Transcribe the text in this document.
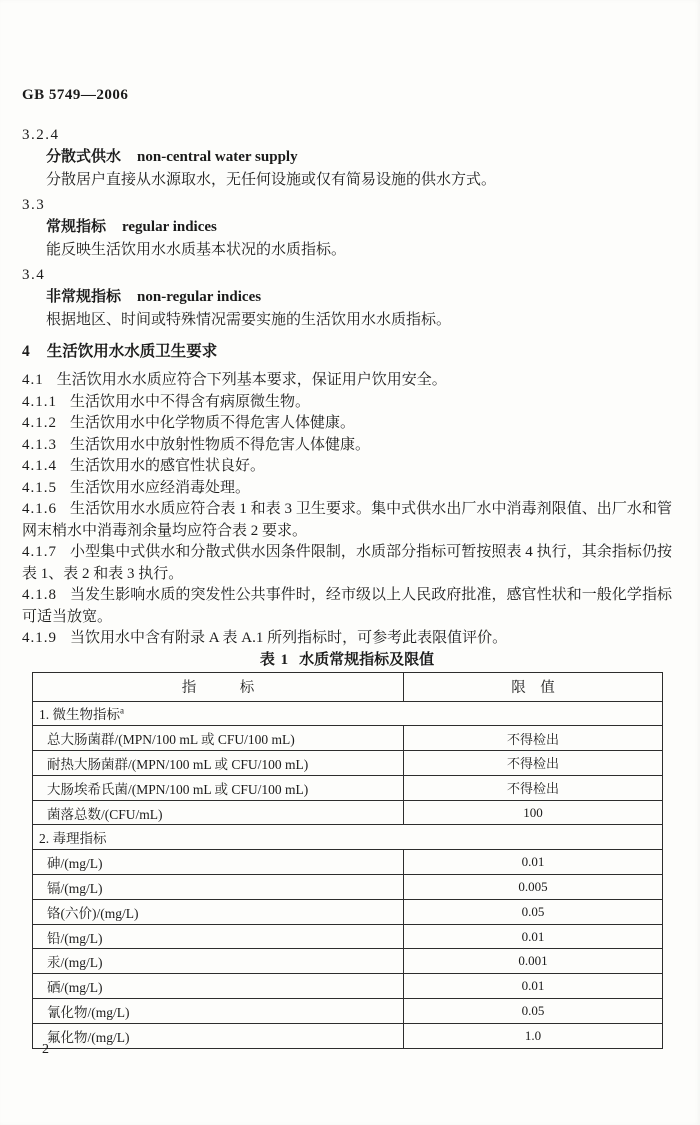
GB 5749—2006
3.2.4
分散式供水 non-central water supply
分散居户直接从水源取水，无任何设施或仅有简易设施的供水方式。
3.3
常规指标 regular indices
能反映生活饮用水水质基本状况的水质指标。
3.4
非常规指标 non-regular indices
根据地区、时间或特殊情况需要实施的生活饮用水水质指标。
4 生活饮用水水质卫生要求

4.1 生活饮用水水质应符合下列基本要求，保证用户饮用安全。

4.1.1 生活饮用水中不得含有病原微生物。

4.1.2 生活饮用水中化学物质不得危害人体健康。

4.1.3 生活饮用水中放射性物质不得危害人体健康。

4.1.4 生活饮用水的感官性状良好。

4.1.5 生活饮用水应经消毒处理。

4.1.6 生活饮用水水质应符合表 1 和表 3 卫生要求。集中式供水出厂水中消毒剂限值、出厂水和管网末梢水中消毒剂余量均应符合表 2 要求。

4.1.7 小型集中式供水和分散式供水因条件限制，水质部分指标可暂按照表 4 执行，其余指标仍按表 1、表 2 和表 3 执行。

4.1.8 当发生影响水质的突发性公共事件时，经市级以上人民政府批准，感官性状和一般化学指标可适当放宽。

4.1.9 当饮用水中含有附录 A 表 A.1 所列指标时，可参考此表限值评价。

表 1 水质常规指标及限值
指　　　标	限　值
1. 微生物指标$^a$
总大肠菌群/(MPN/100 mL 或 CFU/100 mL)	不得检出
耐热大肠菌群/(MPN/100 mL 或 CFU/100 mL)	不得检出
大肠埃希氏菌/(MPN/100 mL 或 CFU/100 mL)	不得检出
菌落总数/(CFU/mL)	100
2. 毒理指标	
砷/(mg/L)	0.01
镉/(mg/L)	0.005
铬(六价)/(mg/L)	0.05
铅/(mg/L)	0.01
汞/(mg/L)	0.001
硒/(mg/L)	0.01
氰化物/(mg/L)	0.05
氟化物/(mg/L)	1.0
2
